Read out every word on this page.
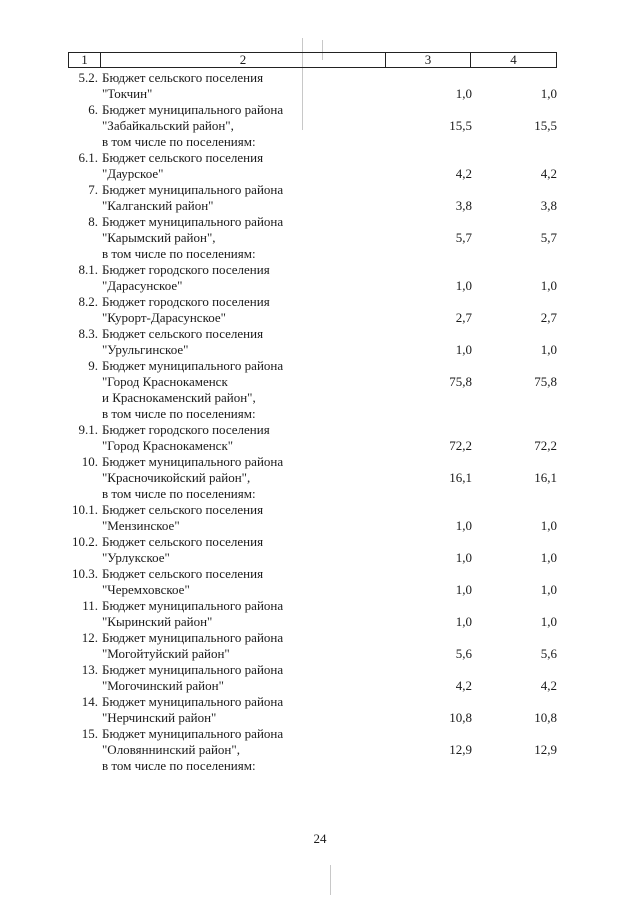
1	2	3	4
5.2. Бюджет сельского поселения
"Токчин"	1,0	1,0
6. Бюджет муниципального района
"Забайкальский район",
в том числе по поселениям:
15,5	15,5
6.1. Бюджет сельского поселения
"Даурское"	4,2	4,2
7. Бюджет муниципального района
"Калганский район"	3,8	3,8
8. Бюджет муниципального района
"Карымский район",
в том числе по поселениям:
5,7	5,7
8.1. Бюджет городского поселения
"Дарасунское"	1,0	1,0
8.2. Бюджет городского поселения
"Курорт-Дарасунское"	2,7	2,7
8.3. Бюджет сельского поселения
"Урульгинское"	1,0	1,0
9. Бюджет муниципального района
"Город Краснокаменск
и Краснокаменский район",
в том числе по поселениям:
75,8	75,8
9.1. Бюджет городского поселения
"Город Краснокаменск"	72,2	72,2
10. Бюджет муниципального района
"Красночикойский район",
в том числе по поселениям:
16,1	16,1
10.1. Бюджет сельского поселения
"Мензинское"	1,0	1,0
10.2. Бюджет сельского поселения
"Урлукское"	1,0	1,0
10.3. Бюджет сельского поселения
"Черемховское"	1,0	1,0
11. Бюджет муниципального района
"Кыринский район"	1,0	1,0
12. Бюджет муниципального района
"Могойтуйский район"	5,6	5,6
13. Бюджет муниципального района
"Могочинский район"	4,2	4,2
14. Бюджет муниципального района
"Нерчинский район"	10,8	10,8
15. Бюджет муниципального района
"Оловяннинский район",
в том числе по поселениям:
12,9	12,9
24
